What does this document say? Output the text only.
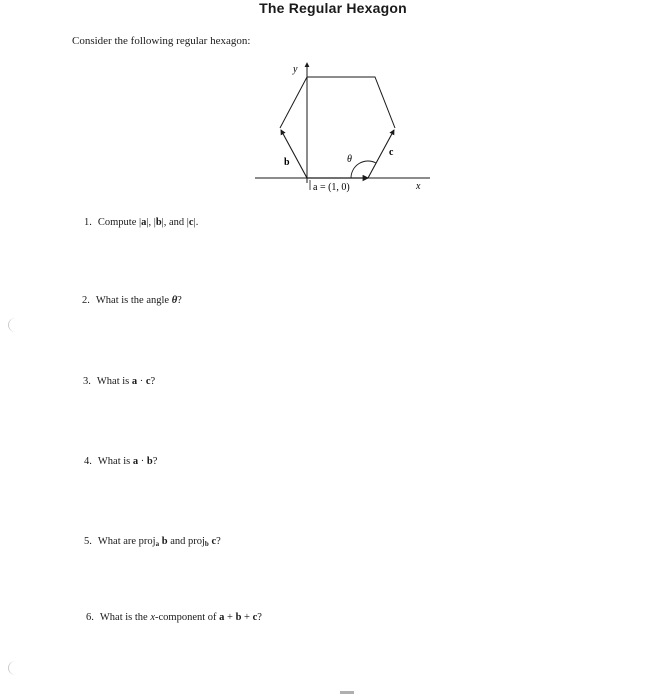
The Regular Hexagon
Consider the following regular hexagon:
y
x
b
c
θ
a = (1, 0)
1. Compute |a|, |b|, and |c|.
2. What is the angle θ?
3. What is a · c?
4. What is a · b?
5. What are proj$_a$ b and proj$_b$ c?
6. What is the x-component of a + b + c?
